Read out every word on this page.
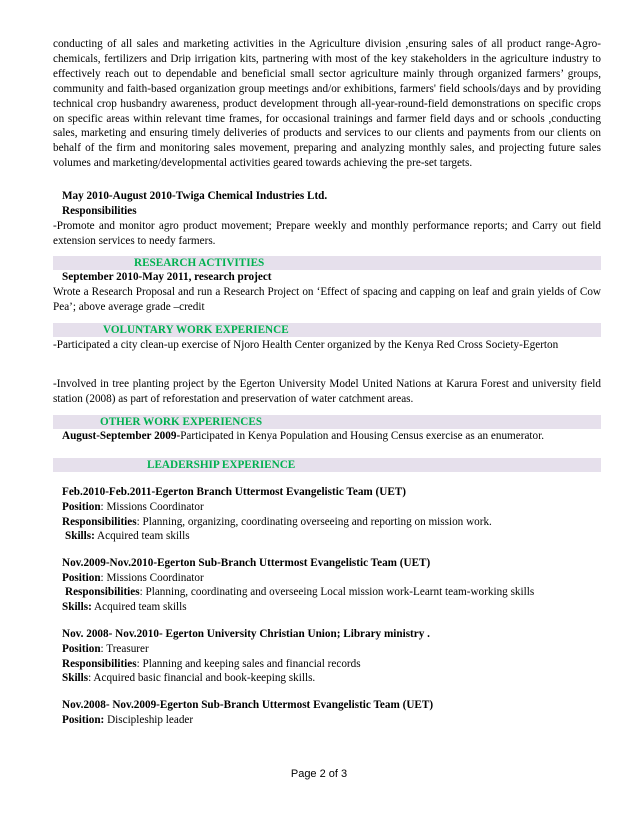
conducting of all sales and marketing activities in the Agriculture division ,ensuring sales of all product range-Agro-chemicals, fertilizers and Drip irrigation kits, partnering with most of the key stakeholders in the agriculture industry to effectively reach out to dependable and beneficial small sector agriculture mainly through organized farmers’ groups, community and faith-based organization group meetings and/or exhibitions, farmers' field schools/days and by providing technical crop husbandry awareness, product development through all-year-round-field demonstrations on specific crops on specific areas within relevant time frames, for occasional trainings and farmer field days and or schools ,conducting sales, marketing and ensuring timely deliveries of products and services to our clients and payments from our clients on behalf of the firm and monitoring sales movement, preparing and analyzing monthly sales, and projecting future sales volumes and marketing/developmental activities geared towards achieving the pre-set targets.
May 2010-August 2010-Twiga Chemical Industries Ltd.
Responsibilities
-Promote and monitor agro product movement; Prepare weekly and monthly performance reports; and Carry out field extension services to needy farmers.
RESEARCH ACTIVITIES
September 2010-May 2011, research project
Wrote a Research Proposal and run a Research Project on ‘Effect of spacing and capping on leaf and grain yields of Cow Pea’; above average grade –credit
VOLUNTARY WORK EXPERIENCE
-Participated a city clean-up exercise of Njoro Health Center organized by the Kenya Red Cross Society-Egerton
-Involved in tree planting project by the Egerton University Model United Nations at Karura Forest and university field station (2008) as part of reforestation and preservation of water catchment areas.
OTHER WORK EXPERIENCES
August-September 2009-Participated in Kenya Population and Housing Census exercise as an enumerator.
LEADERSHIP EXPERIENCE
Feb.2010-Feb.2011-Egerton Branch Uttermost Evangelistic Team (UET)
Position: Missions Coordinator
Responsibilities: Planning, organizing, coordinating overseeing and reporting on mission work.
Skills: Acquired team skills
Nov.2009-Nov.2010-Egerton Sub-Branch Uttermost Evangelistic Team (UET)
Position: Missions Coordinator
Responsibilities: Planning, coordinating and overseeing Local mission work-Learnt team-working skills
Skills: Acquired team skills
Nov. 2008- Nov.2010- Egerton University Christian Union; Library ministry .
Position: Treasurer
Responsibilities: Planning and keeping sales and financial records
Skills: Acquired basic financial and book-keeping skills.
Nov.2008- Nov.2009-Egerton Sub-Branch Uttermost Evangelistic Team (UET)
Position: Discipleship leader
Page 2 of 3
